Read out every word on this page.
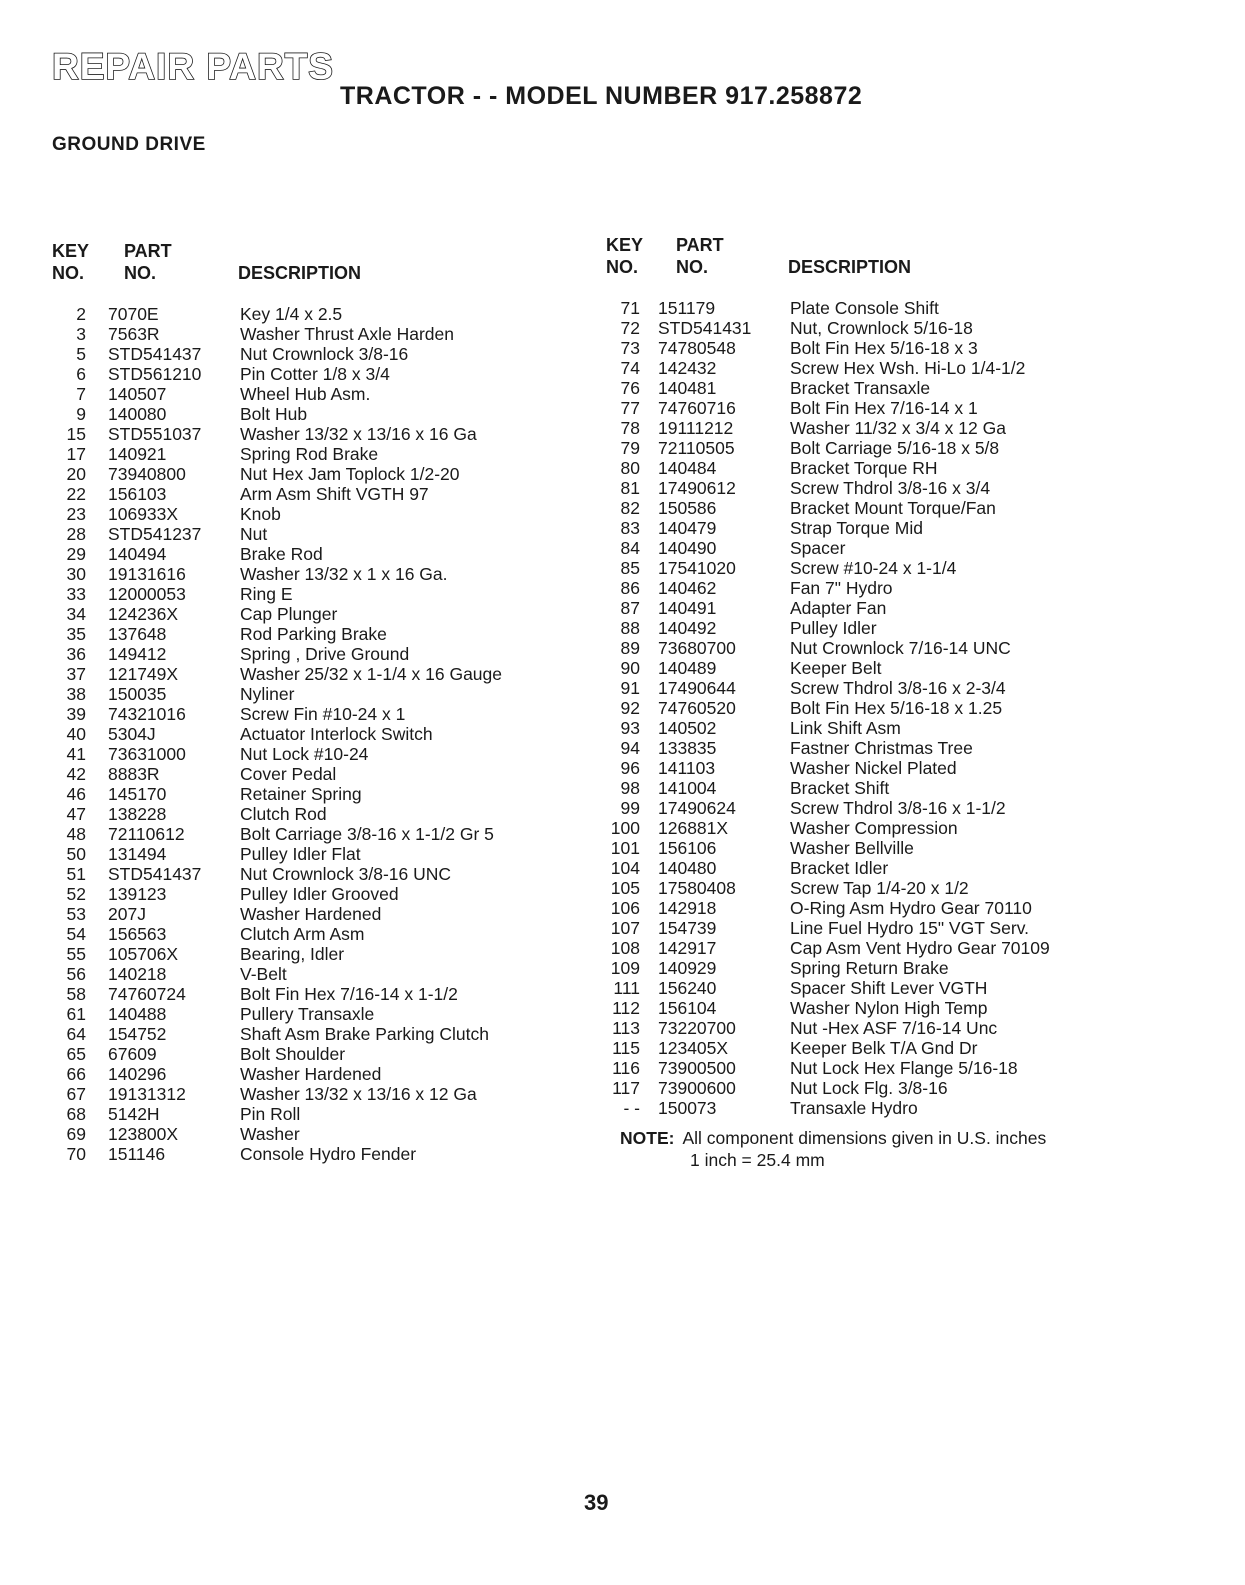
REPAIR PARTS
TRACTOR - - MODEL NUMBER 917.258872
GROUND DRIVE
KEY
NO.
PART
NO.	DESCRIPTION
2 7070E	Key 1/4 x 2.5
3 7563R	Washer Thrust Axle Harden
5 STD541437 Nut Crownlock 3/8-16
6 STD561210 Pin Cotter 1/8 x 3/4
7 140507	Wheel Hub Asm.
9 140080	Bolt Hub
15 STD551037 Washer 13/32 x 13/16 x 16 Ga
17 140921	Spring Rod Brake
20 73940800	Nut Hex Jam Toplock 1/2-20
22 156103	Arm Asm Shift VGTH 97
23 106933X	Knob
28 STD541237 Nut
29 140494	Brake Rod
30 19131616	Washer 13/32 x 1 x 16 Ga.
33 12000053	Ring E
34 124236X	Cap Plunger
35 137648	Rod Parking Brake
36 149412	Spring , Drive Ground
37 121749X	Washer 25/32 x 1-1/4 x 16 Gauge
38 150035	Nyliner
39 74321016	Screw Fin #10-24 x 1
40 5304J	Actuator Interlock Switch
41 73631000	Nut Lock #10-24
42 8883R	Cover Pedal
46 145170	Retainer Spring
47 138228	Clutch Rod
48 72110612	Bolt Carriage 3/8-16 x 1-1/2 Gr 5
50 131494	Pulley Idler Flat
51 STD541437 Nut Crownlock 3/8-16 UNC
52 139123	Pulley Idler Grooved
53 207J	Washer Hardened
54 156563	Clutch Arm Asm
55 105706X	Bearing, Idler
56 140218	V-Belt
58 74760724	Bolt Fin Hex 7/16-14 x 1-1/2
61 140488	Pullery Transaxle
64 154752	Shaft Asm Brake Parking Clutch
65 67609	Bolt Shoulder
66 140296	Washer Hardened
67 19131312	Washer 13/32 x 13/16 x 12 Ga
68 5142H	Pin Roll
69 123800X	Washer
70 151146	Console Hydro Fender
KEY
NO.
PART
NO.	DESCRIPTION
71 151179	Plate Console Shift
72 STD541431 Nut, Crownlock 5/16-18
73 74780548	Bolt Fin Hex 5/16-18 x 3
74 142432	Screw Hex Wsh. Hi-Lo 1/4-1/2
76 140481	Bracket Transaxle
77 74760716	Bolt Fin Hex 7/16-14 x 1
78 19111212	Washer 11/32 x 3/4 x 12 Ga
79 72110505	Bolt Carriage 5/16-18 x 5/8
80 140484	Bracket Torque RH
81 17490612	Screw Thdrol 3/8-16 x 3/4
82 150586	Bracket Mount Torque/Fan
83 140479	Strap Torque Mid
84 140490	Spacer
85 17541020	Screw #10-24 x 1-1/4
86 140462	Fan 7" Hydro
87 140491	Adapter Fan
88 140492	Pulley Idler
89 73680700	Nut Crownlock 7/16-14 UNC
90 140489	Keeper Belt
91 17490644	Screw Thdrol 3/8-16 x 2-3/4
92 74760520	Bolt Fin Hex 5/16-18 x 1.25
93 140502	Link Shift Asm
94 133835	Fastner Christmas Tree
96 141103	Washer Nickel Plated
98 141004	Bracket Shift
99 17490624	Screw Thdrol 3/8-16 x 1-1/2
100 126881X	Washer Compression
101 156106	Washer Bellville
104 140480	Bracket Idler
105 17580408	Screw Tap 1/4-20 x 1/2
106 142918	O-Ring Asm Hydro Gear 70110
107 154739	Line Fuel Hydro 15" VGT Serv.
108 142917	Cap Asm Vent Hydro Gear 70109
109 140929	Spring Return Brake
111 156240	Spacer Shift Lever VGTH
112 156104	Washer Nylon High Temp
113 73220700	Nut -Hex ASF 7/16-14 Unc
115 123405X	Keeper Belk T/A Gnd Dr
116 73900500	Nut Lock Hex Flange 5/16-18
117 73900600	Nut Lock Flg. 3/8-16
- - 150073	Transaxle Hydro
NOTE: All component dimensions given in U.S. inches
1 inch = 25.4 mm
39
